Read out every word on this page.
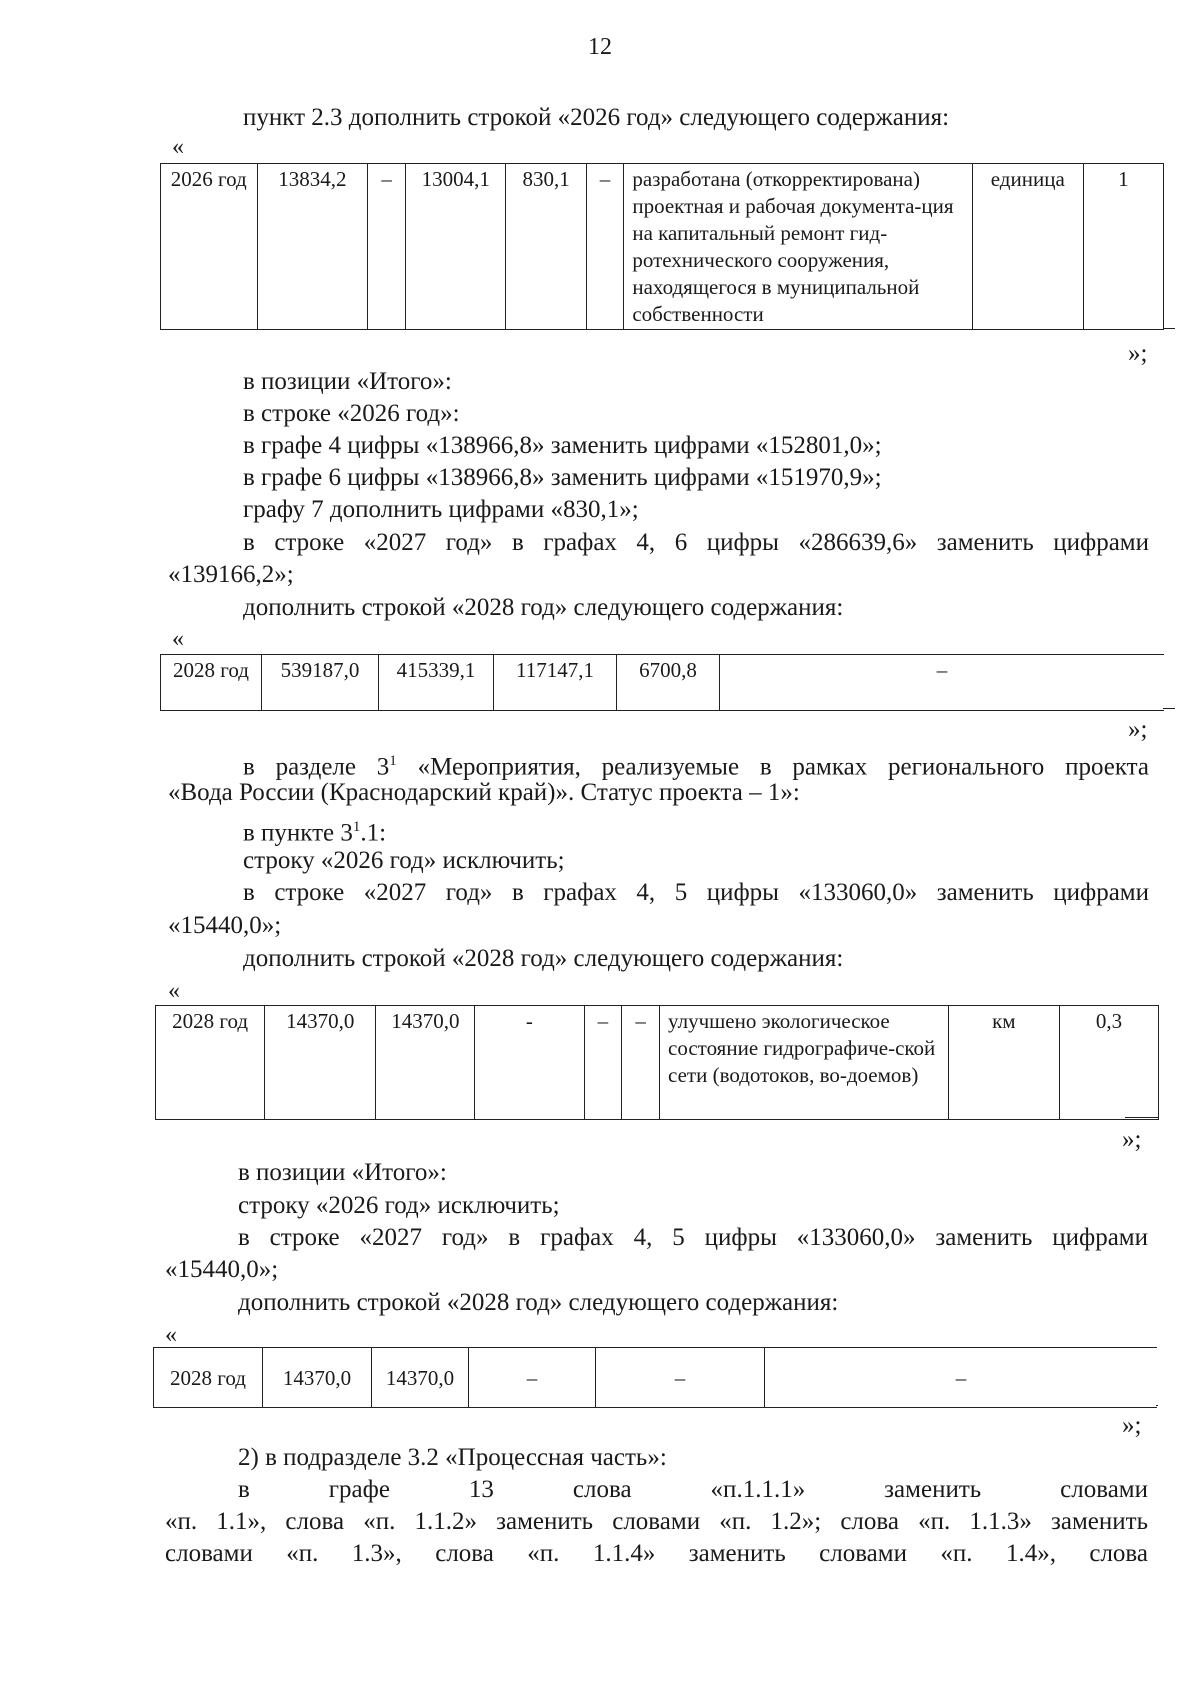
12
пункт 2.3 дополнить строкой «2026 год» следующего содержания:
«
2026 год	13834,2	–	13004,1	830,1	–	разработана (откорректирована) проектная и рабочая документа-ция на капитальный ремонт гид-ротехнического сооружения, находящегося в муниципальной собственности	единица	1
»;
в позиции «Итого»:
в строке «2026 год»:
в графе 4 цифры «138966,8» заменить цифрами «152801,0»;
в графе 6 цифры «138966,8» заменить цифрами «151970,9»;
графу 7 дополнить цифрами «830,1»;
в строке «2027 год» в графах 4, 6 цифры «286639,6» заменить цифрами
«139166,2»;
дополнить строкой «2028 год» следующего содержания:
«
2028 год	539187,0	415339,1	117147,1	6700,8	–
»;
в разделе $3^1$ «Мероприятия, реализуемые в рамках регионального проекта
«Вода России (Краснодарский край)». Статус проекта – 1»:
в пункте $3^1.1$:
строку «2026 год» исключить;
в строке «2027 год» в графах 4, 5 цифры «133060,0» заменить цифрами
«15440,0»;
дополнить строкой «2028 год» следующего содержания:
«
2028 год	14370,0	14370,0	-	–	–	улучшено экологическое состояние гидрографиче-ской сети (водотоков, во-доемов)	км	0,3
»;
в позиции «Итого»:
строку «2026 год» исключить;
в строке «2027 год» в графах 4, 5 цифры «133060,0» заменить цифрами
«15440,0»;
дополнить строкой «2028 год» следующего содержания:
«
2028 год	14370,0	14370,0	–	–	–
»;
2) в подразделе 3.2 «Процессная часть»:
в графе 13 слова «п.1.1.1» заменить словами
«п. 1.1», слова «п. 1.1.2» заменить словами «п. 1.2»; слова «п. 1.1.3» заменить
словами «п. 1.3», слова «п. 1.1.4» заменить словами «п. 1.4», слова
